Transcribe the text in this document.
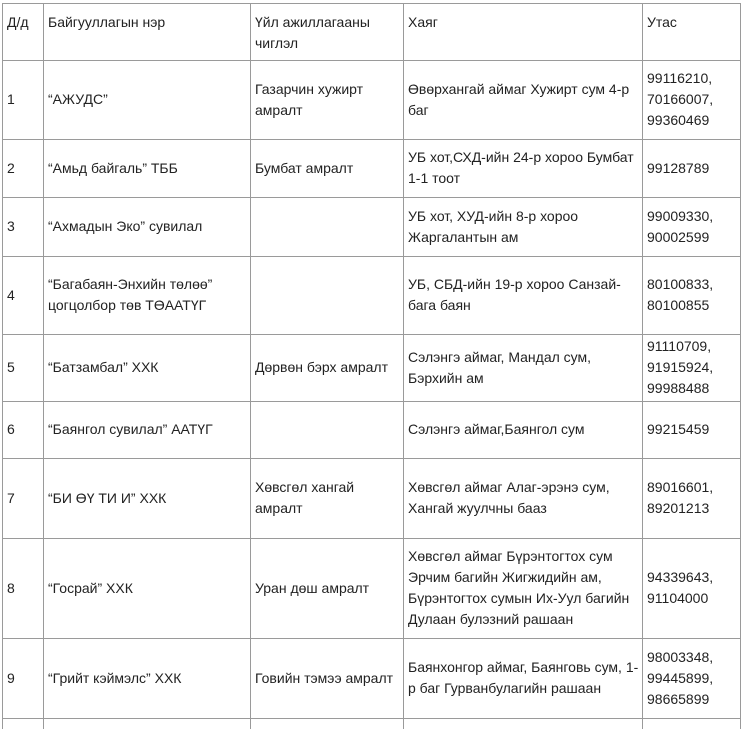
Д/д	Байгууллагын нэр	Үйл ажиллагааны чиглэл	Хаяг	Утас
1	“АЖУДС”	Газарчин хужирт амралт	Өвөрхангай аймаг Хужирт сум 4-р баг	99116210, 70166007, 99360469
2	“Амьд байгаль” ТББ	Бумбат амралт	УБ хот,СХД-ийн 24-р хороо Бумбат 1-1 тоот	99128789
3	“Ахмадын Эко” сувилал		УБ хот, ХУД-ийн 8-р хороо Жаргалантын ам	99009330, 90002599
4	“Багабаян-Энхийн төлөө” цогцолбор төв ТӨААТҮГ		УБ, СБД-ийн 19-р хороо Санзай-бага баян	80100833, 80100855
5	“Батзамбал” ХХК	Дөрвөн бэрх амралт	Сэлэнгэ аймаг, Мандал сум, Бэрхийн ам	91110709, 91915924, 99988488
6	“Баянгол сувилал” ААТҮГ		Сэлэнгэ аймаг,Баянгол сум	99215459
7	“БИ ӨҮ ТИ И” ХХК	Хөвсгөл хангай амралт	Хөвсгөл аймаг Алаг-эрэнэ сум, Хангай жуулчны бааз	89016601, 89201213
8	“Госрай” ХХК	Уран дөш амралт	Хөвсгөл аймаг Бүрэнтогтох сум Эрчим багийн Жигжидийн ам, Бүрэнтогтох сумын Их-Уул багийн Дулаан булэзний рашаан	94339643, 91104000
9	“Грийт кэймэлс” ХХК	Говийн тэмээ амралт	Баянхонгор аймаг, Баянговь сум, 1-р баг Гурванбулагийн рашаан	98003348, 99445899, 98665899
